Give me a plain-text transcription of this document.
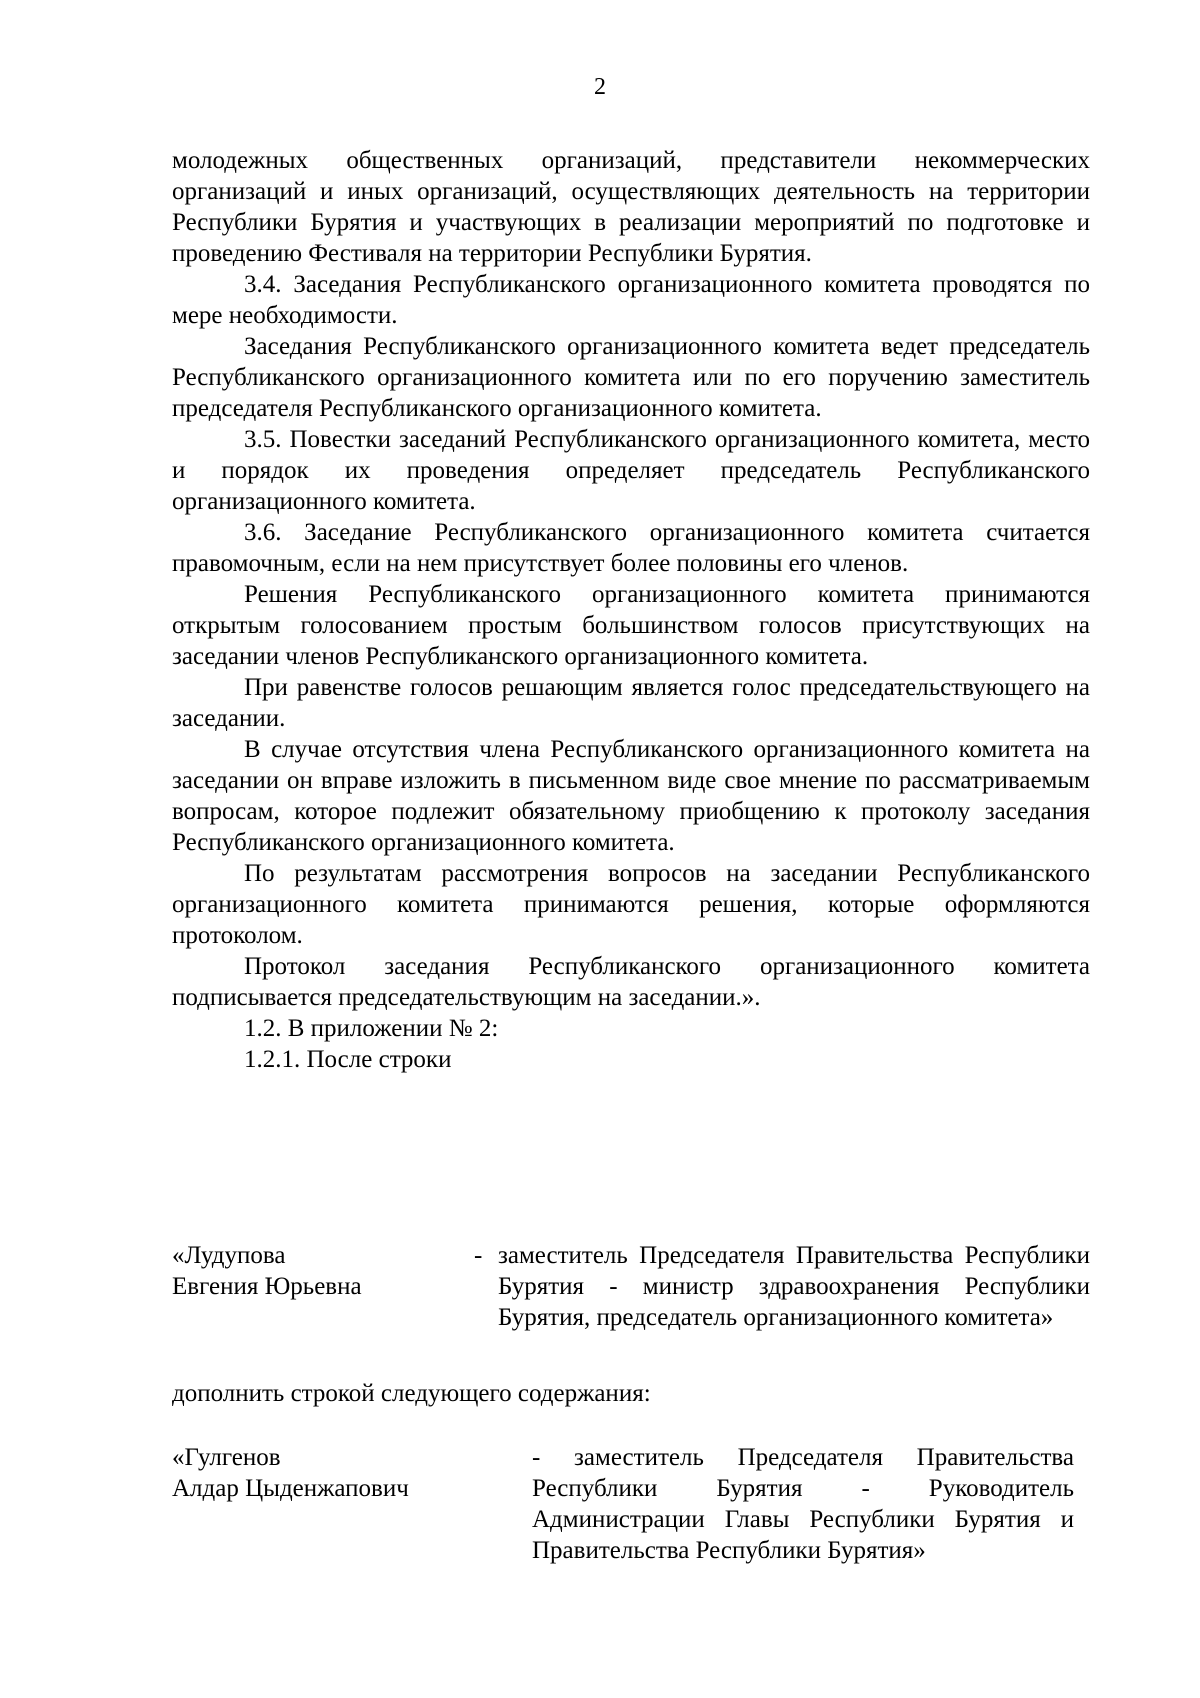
2

молодежных общественных организаций, представители некоммерческих организаций и иных организаций, осуществляющих деятельность на территории Республики Бурятия и участвующих в реализации мероприятий по подготовке и проведению Фестиваля на территории Республики Бурятия.

3.4. Заседания Республиканского организационного комитета проводятся по мере необходимости.

Заседания Республиканского организационного комитета ведет председатель Республиканского организационного комитета или по его поручению заместитель председателя Республиканского организационного комитета.

3.5. Повестки заседаний Республиканского организационного комитета, место и порядок их проведения определяет председатель Республиканского организационного комитета.

3.6. Заседание Республиканского организационного комитета считается правомочным, если на нем присутствует более половины его членов.

Решения Республиканского организационного комитета принимаются открытым голосованием простым большинством голосов присутствующих на заседании членов Республиканского организационного комитета.

При равенстве голосов решающим является голос председательствующего на заседании.

В случае отсутствия члена Республиканского организационного комитета на заседании он вправе изложить в письменном виде свое мнение по рассматриваемым вопросам, которое подлежит обязательному приобщению к протоколу заседания Республиканского организационного комитета.

По результатам рассмотрения вопросов на заседании Республиканского организационного комитета принимаются решения, которые оформляются протоколом.

Протокол заседания Республиканского организационного комитета подписывается председательствующим на заседании.».

1.2. В приложении № 2:

1.2.1. После строки

«Лудупова
Евгения Юрьевна
- заместитель Председателя Правительства Республики Бурятия - министр здравоохранения Республики Бурятия, председатель организационного комитета»
дополнить строкой следующего содержания:
«Гулгенов
Алдар Цыденжапович
- заместитель Председателя Правительства Республики Бурятия - Руководитель Администрации Главы Республики Бурятия и Правительства Республики Бурятия»
